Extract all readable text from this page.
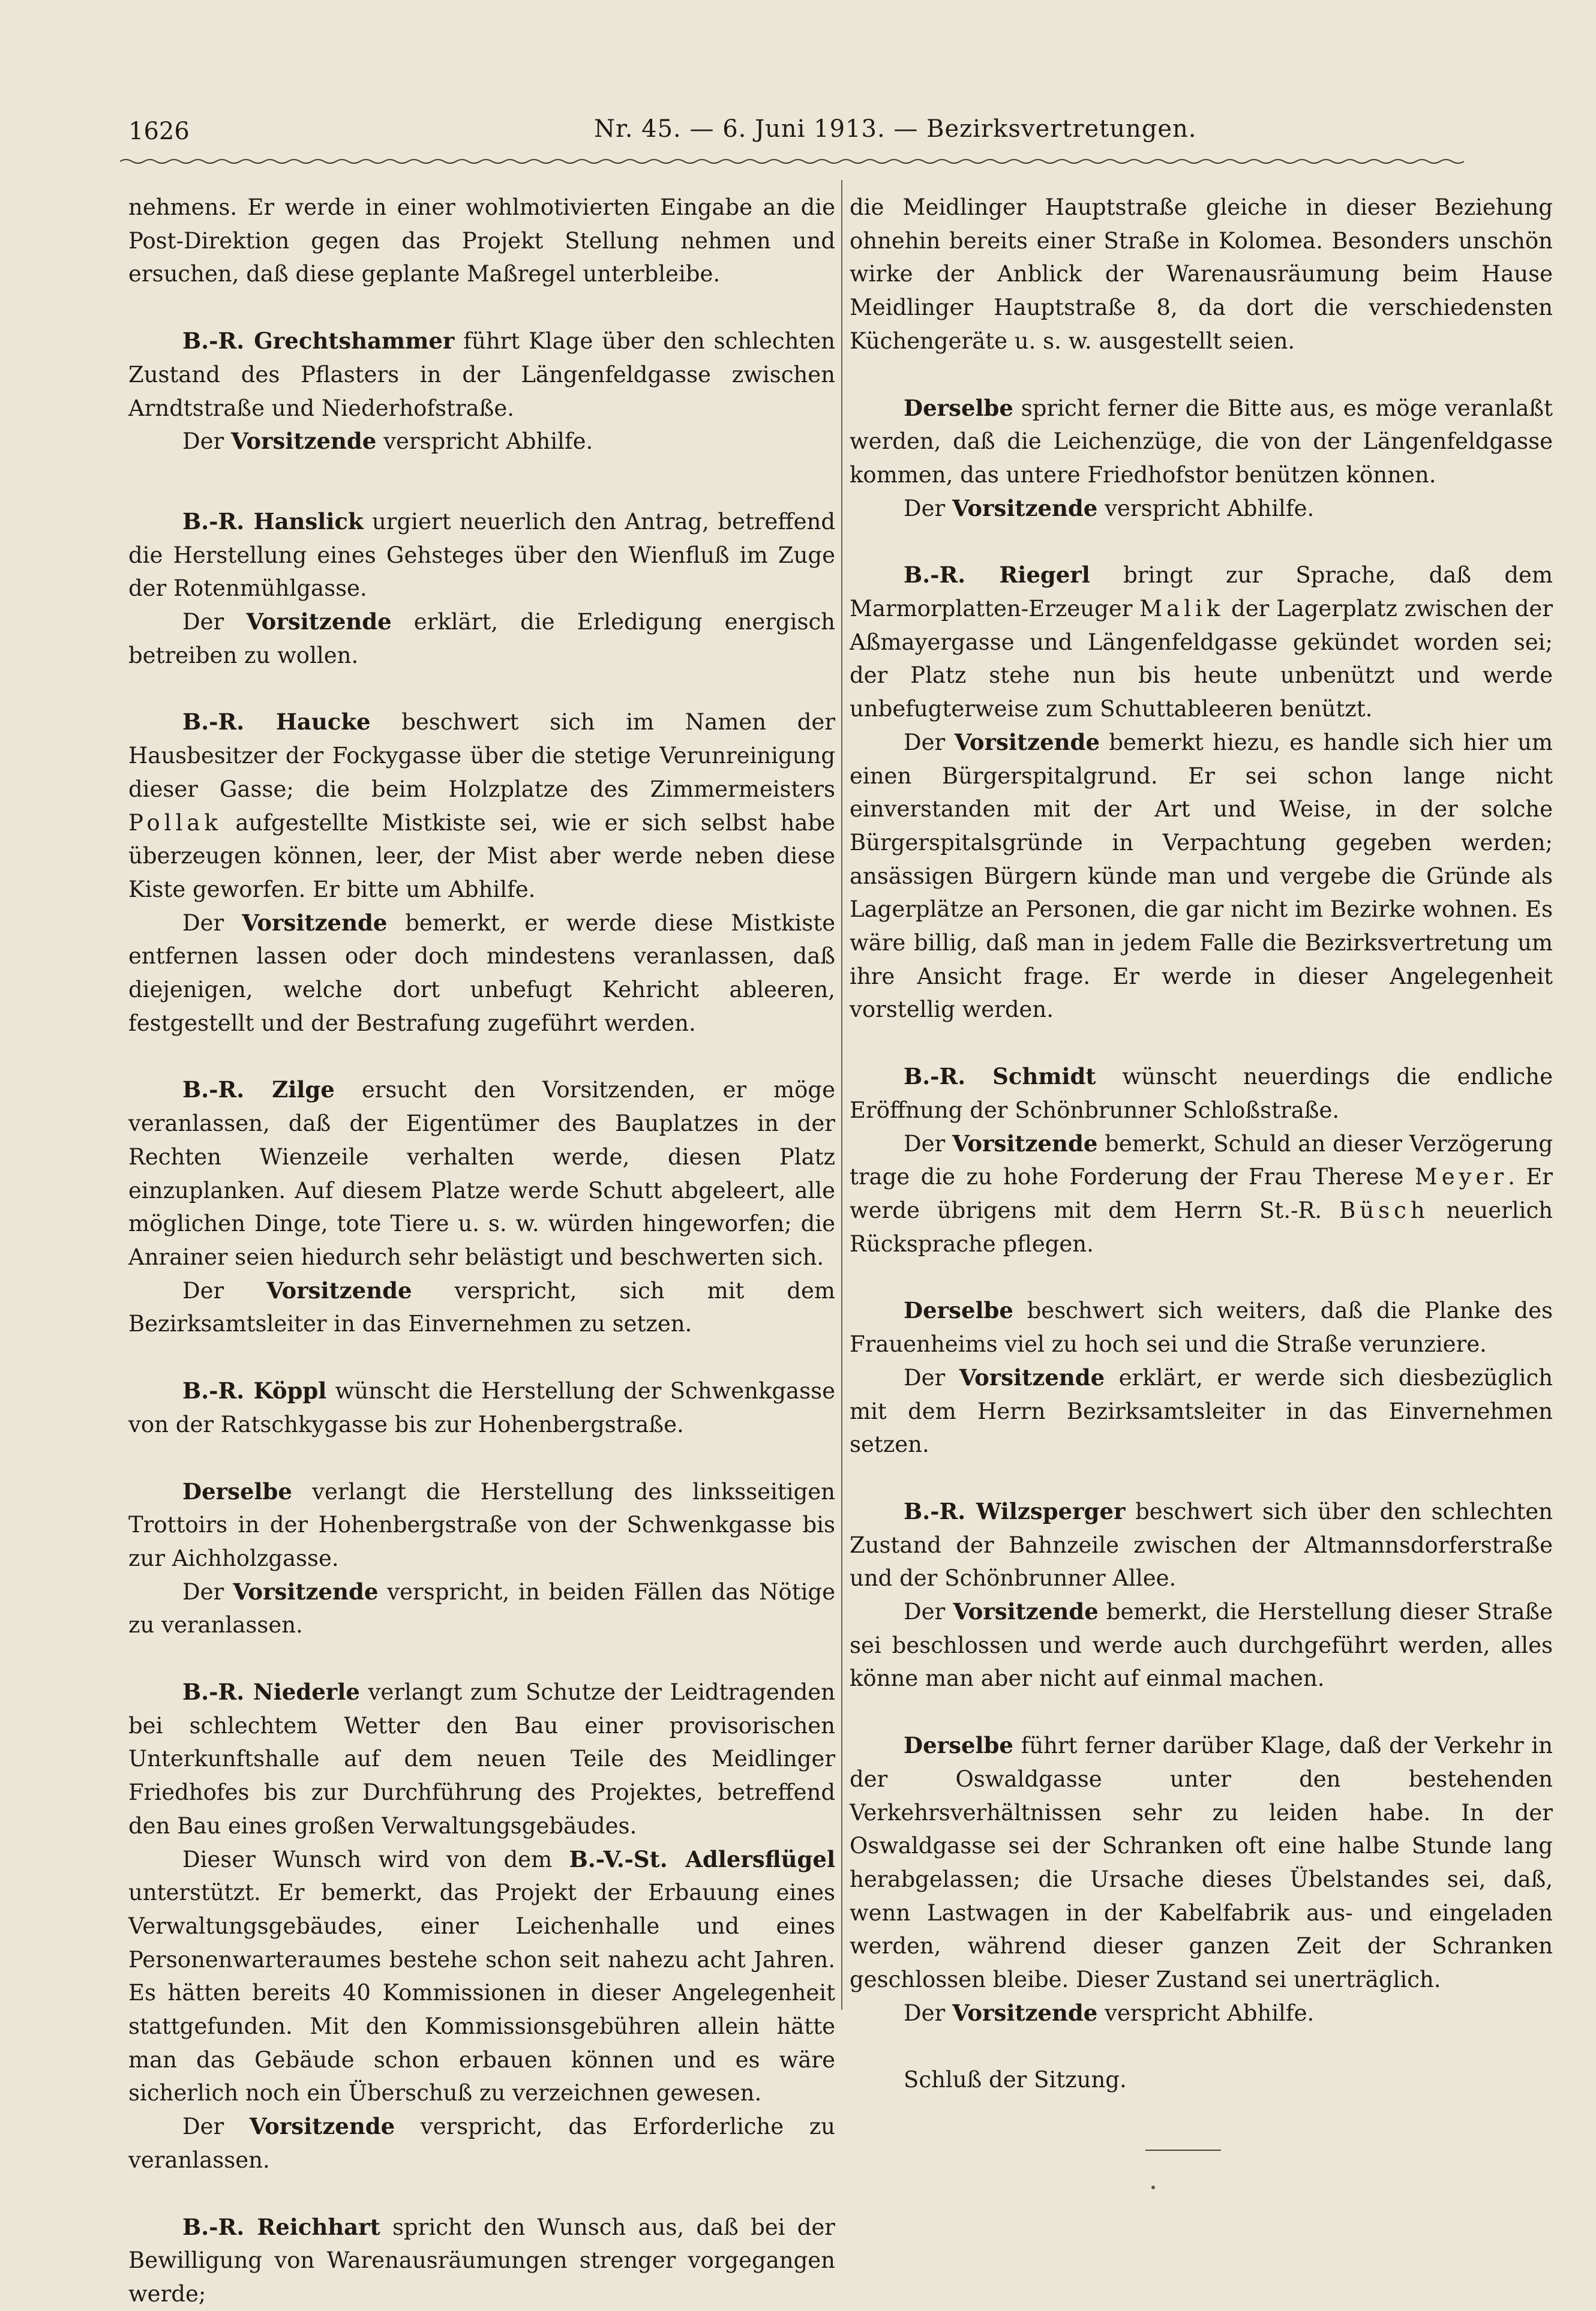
1626	Nr. 45. — 6. Juni 1913. — Bezirksvertretungen.

nehmens. Er werde in einer wohlmotivierten Eingabe an die Post-Direktion gegen das Projekt Stellung nehmen und ersuchen, daß diese geplante Maßregel unterbleibe.

B.-R. Grechtshammer führt Klage über den schlechten Zustand des Pflasters in der Längenfeldgasse zwischen Arndtstraße und Niederhofstraße.

Der Vorsitzende verspricht Abhilfe.

B.-R. Hanslick urgiert neuerlich den Antrag, betreffend die Herstellung eines Gehsteges über den Wienfluß im Zuge der Rotenmühlgasse.

Der Vorsitzende erklärt, die Erledigung energisch betreiben zu wollen.

B.-R. Haucke beschwert sich im Namen der Hausbesitzer der Fockygasse über die stetige Verunreinigung dieser Gasse; die beim Holzplatze des Zimmermeisters Pollak aufgestellte Mistkiste sei, wie er sich selbst habe überzeugen können, leer, der Mist aber werde neben diese Kiste geworfen. Er bitte um Abhilfe.

Der Vorsitzende bemerkt, er werde diese Mistkiste entfernen lassen oder doch mindestens veranlassen, daß diejenigen, welche dort unbefugt Kehricht ableeren, festgestellt und der Bestrafung zugeführt werden.

B.-R. Zilge ersucht den Vorsitzenden, er möge veranlassen, daß der Eigentümer des Bauplatzes in der Rechten Wienzeile verhalten werde, diesen Platz einzuplanken. Auf diesem Platze werde Schutt abgeleert, alle möglichen Dinge, tote Tiere u. s. w. würden hingeworfen; die Anrainer seien hiedurch sehr belästigt und beschwerten sich.

Der Vorsitzende verspricht, sich mit dem Bezirksamtsleiter in das Einvernehmen zu setzen.

B.-R. Köppl wünscht die Herstellung der Schwenkgasse von der Ratschkygasse bis zur Hohenbergstraße.

Derselbe verlangt die Herstellung des linksseitigen Trottoirs in der Hohenbergstraße von der Schwenkgasse bis zur Aichholzgasse.

Der Vorsitzende verspricht, in beiden Fällen das Nötige zu veranlassen.

B.-R. Niederle verlangt zum Schutze der Leidtragenden bei schlechtem Wetter den Bau einer provisorischen Unterkunftshalle auf dem neuen Teile des Meidlinger Friedhofes bis zur Durchführung des Projektes, betreffend den Bau eines großen Verwaltungsgebäudes.

Dieser Wunsch wird von dem B.-V.-St. Adlersflügel unterstützt. Er bemerkt, das Projekt der Erbauung eines Verwaltungsgebäudes, einer Leichenhalle und eines Personenwarteraumes bestehe schon seit nahezu acht Jahren. Es hätten bereits 40 Kommissionen in dieser Angelegenheit stattgefunden. Mit den Kommissionsgebühren allein hätte man das Gebäude schon erbauen können und es wäre sicherlich noch ein Überschuß zu verzeichnen gewesen.

Der Vorsitzende verspricht, das Erforderliche zu veranlassen.

B.-R. Reichhart spricht den Wunsch aus, daß bei der Bewilligung von Warenausräumungen strenger vorgegangen werde;

die Meidlinger Hauptstraße gleiche in dieser Beziehung ohnehin bereits einer Straße in Kolomea. Besonders unschön wirke der Anblick der Warenausräumung beim Hause Meidlinger Hauptstraße 8, da dort die verschiedensten Küchengeräte u. s. w. ausgestellt seien.

Derselbe spricht ferner die Bitte aus, es möge veranlaßt werden, daß die Leichenzüge, die von der Längenfeldgasse kommen, das untere Friedhofstor benützen können.

Der Vorsitzende verspricht Abhilfe.

B.-R. Riegerl bringt zur Sprache, daß dem Marmorplatten-Erzeuger Malik der Lagerplatz zwischen der Aßmayergasse und Längenfeldgasse gekündet worden sei; der Platz stehe nun bis heute unbenützt und werde unbefugterweise zum Schuttableeren benützt.

Der Vorsitzende bemerkt hiezu, es handle sich hier um einen Bürgerspitalgrund. Er sei schon lange nicht einverstanden mit der Art und Weise, in der solche Bürgerspitalsgründe in Verpachtung gegeben werden; ansässigen Bürgern kündе man und vergebe die Gründe als Lagerplätze an Personen, die gar nicht im Bezirke wohnen. Es wäre billig, daß man in jedem Falle die Bezirksvertretung um ihre Ansicht frage. Er werde in dieser Angelegenheit vorstellig werden.

B.-R. Schmidt wünscht neuerdings die endliche Eröffnung der Schönbrunner Schloßstraße.

Der Vorsitzende bemerkt, Schuld an dieser Verzögerung trage die zu hohe Forderung der Frau Therese Meyer. Er werde übrigens mit dem Herrn St.-R. Büsch neuerlich Rücksprache pflegen.

Derselbe beschwert sich weiters, daß die Planke des Frauenheims viel zu hoch sei und die Straße verunziere.

Der Vorsitzende erklärt, er werde sich diesbezüglich mit dem Herrn Bezirksamtsleiter in das Einvernehmen setzen.

B.-R. Wilzsperger beschwert sich über den schlechten Zustand der Bahnzeile zwischen der Altmannsdorferstraße und der Schönbrunner Allee.

Der Vorsitzende bemerkt, die Herstellung dieser Straße sei beschlossen und werde auch durchgeführt werden, alles könne man aber nicht auf einmal machen.

Derselbe führt ferner darüber Klage, daß der Verkehr in der Oswaldgasse unter den bestehenden Verkehrsverhältnissen sehr zu leiden habe. In der Oswaldgasse sei der Schranken oft eine halbe Stunde lang herabgelassen; die Ursache dieses Übelstandes sei, daß, wenn Lastwagen in der Kabelfabrik aus- und eingeladen werden, während dieser ganzen Zeit der Schranken geschlossen bleibe. Dieser Zustand sei unerträglich.

Der Vorsitzende verspricht Abhilfe.

Schluß der Sitzung.
